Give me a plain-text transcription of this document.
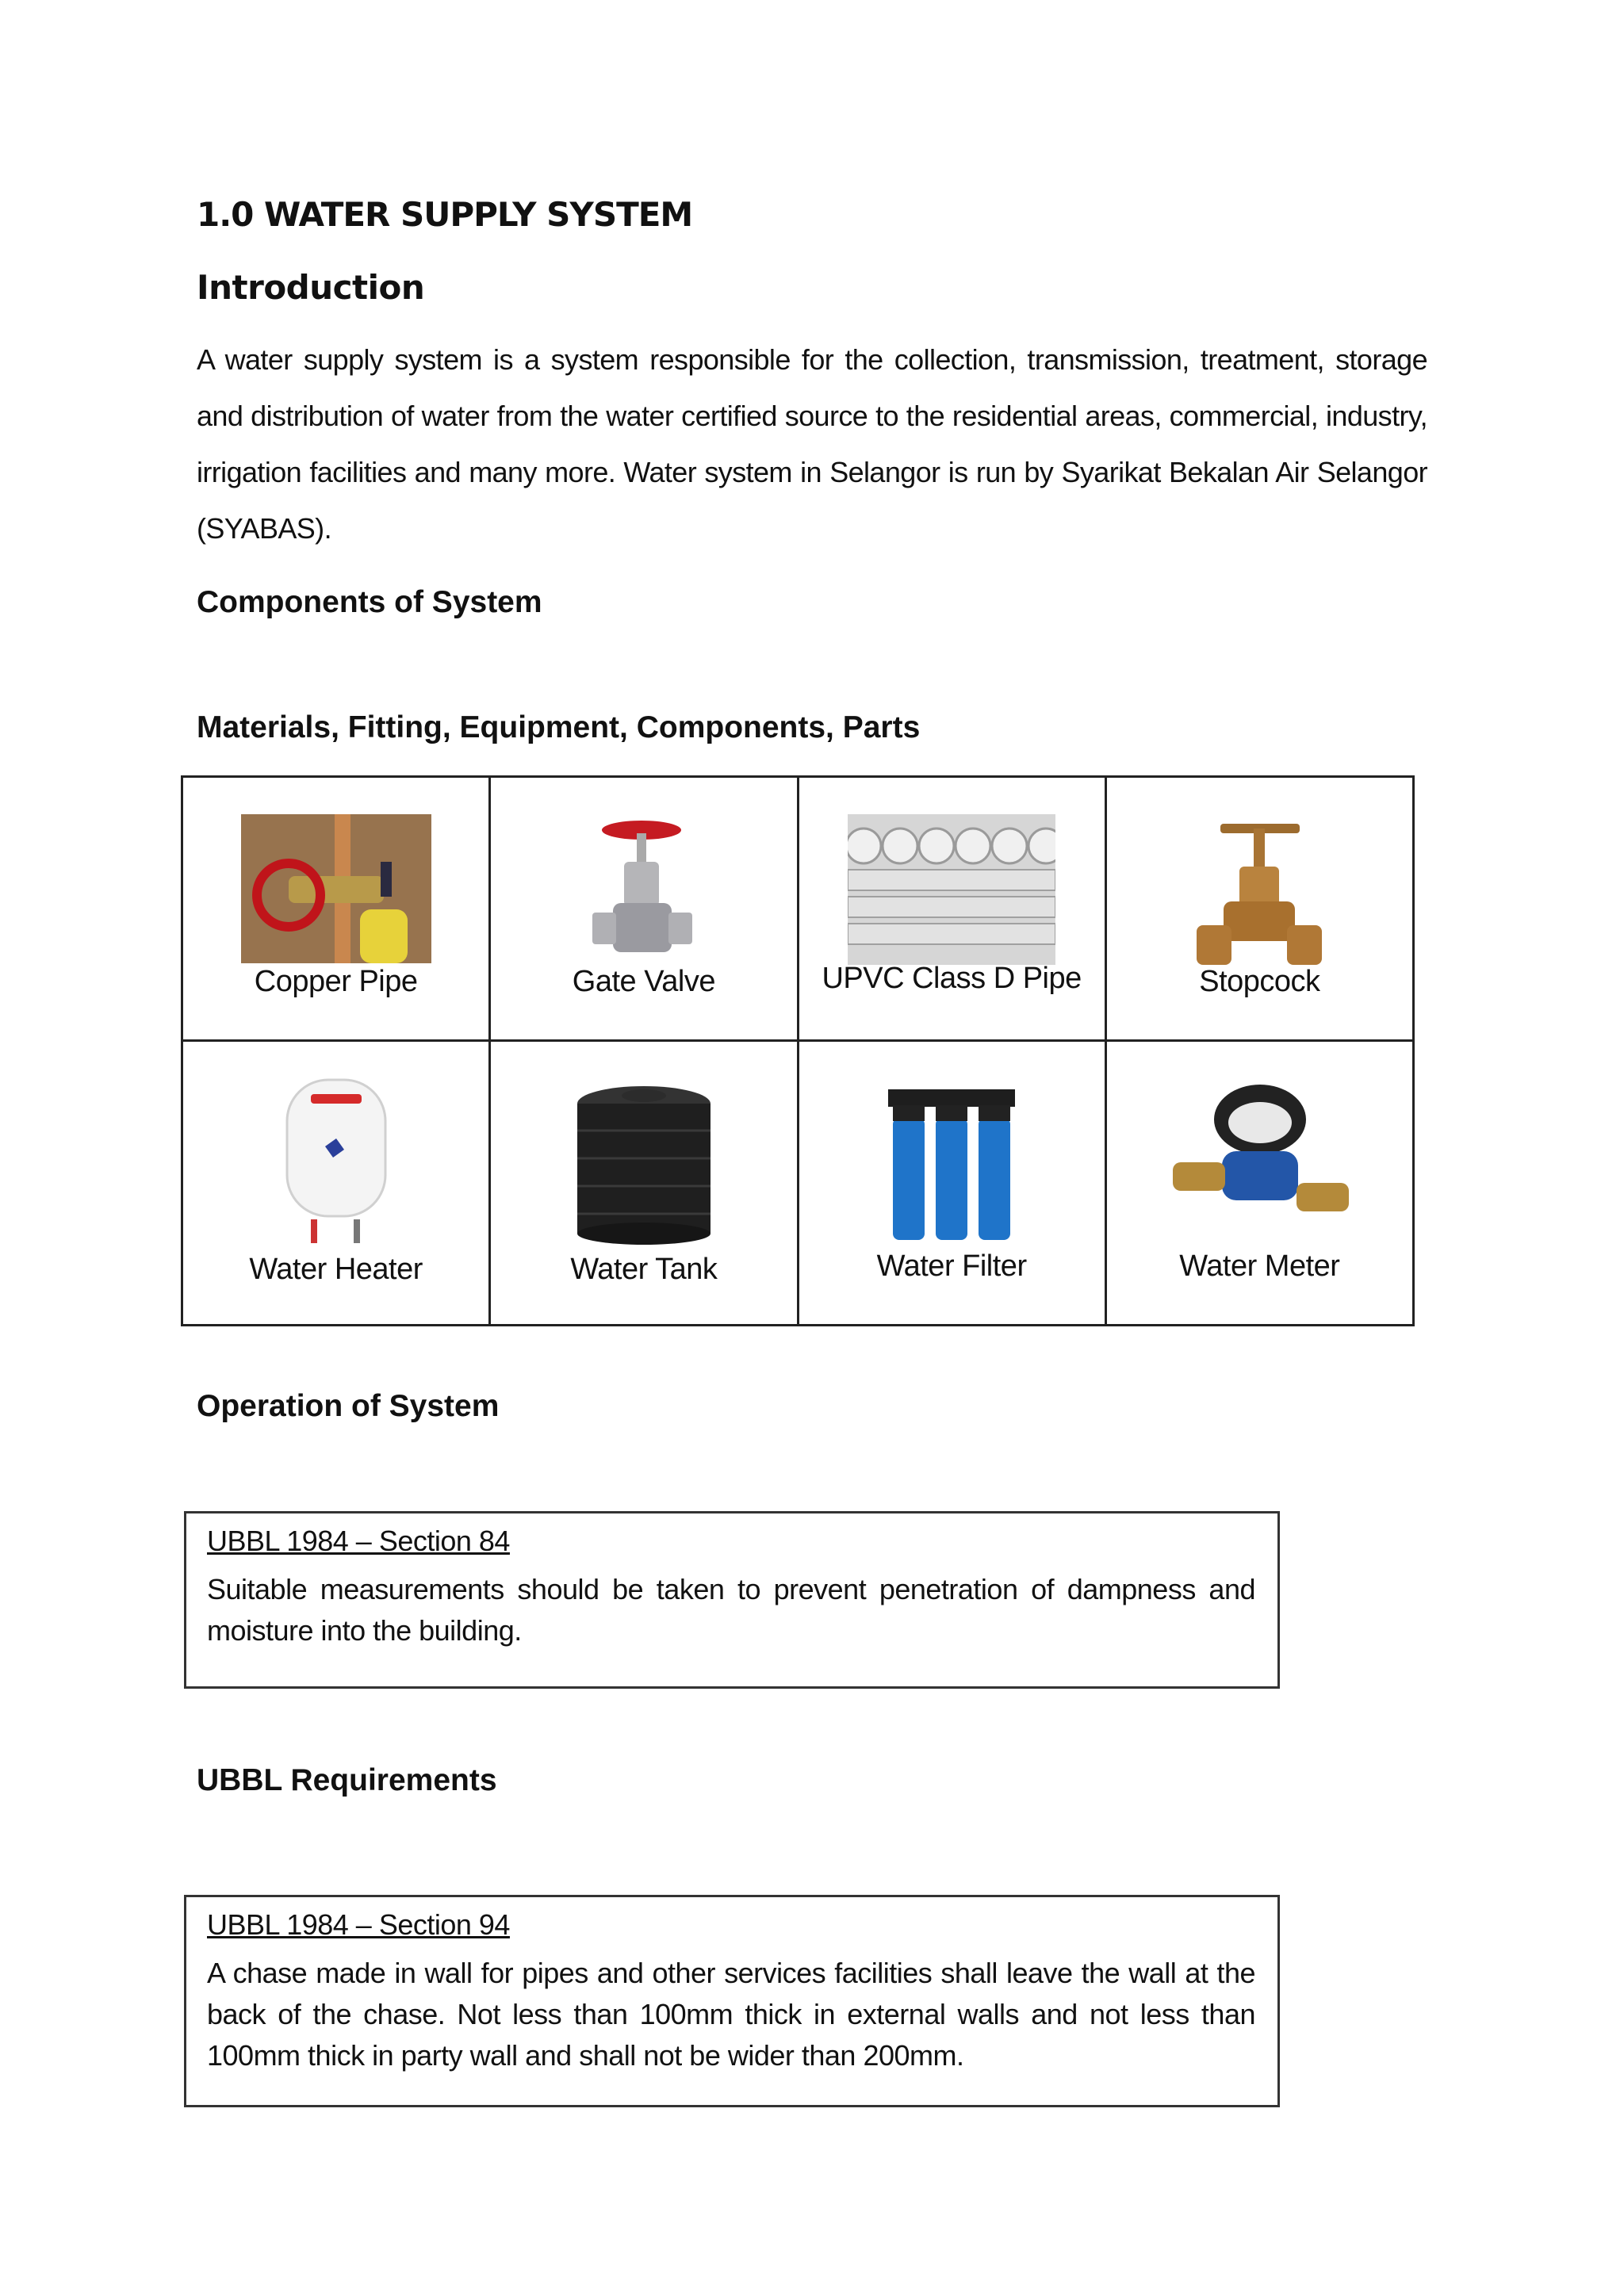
1.0 WATER SUPPLY SYSTEM
Introduction
A water supply system is a system responsible for the collection, transmission, treatment, storage and distribution of water from the water certified source to the residential areas, commercial, industry, irrigation facilities and many more. Water system in Selangor is run by Syarikat Bekalan Air Selangor (SYABAS).
Components of System
Materials, Fitting, Equipment, Components, Parts
Copper Pipe	Gate Valve	UPVC Class D Pipe	Stopcock

Water Heater	Water Tank	Water Filter	Water Meter
Operation of System
UBBL 1984 – Section 84
Suitable measurements should be taken to prevent penetration of dampness and moisture into the building.
UBBL Requirements
UBBL 1984 – Section 94
A chase made in wall for pipes and other services facilities shall leave the wall at the back of the chase. Not less than 100mm thick in external walls and not less than 100mm thick in party wall and shall not be wider than 200mm.
